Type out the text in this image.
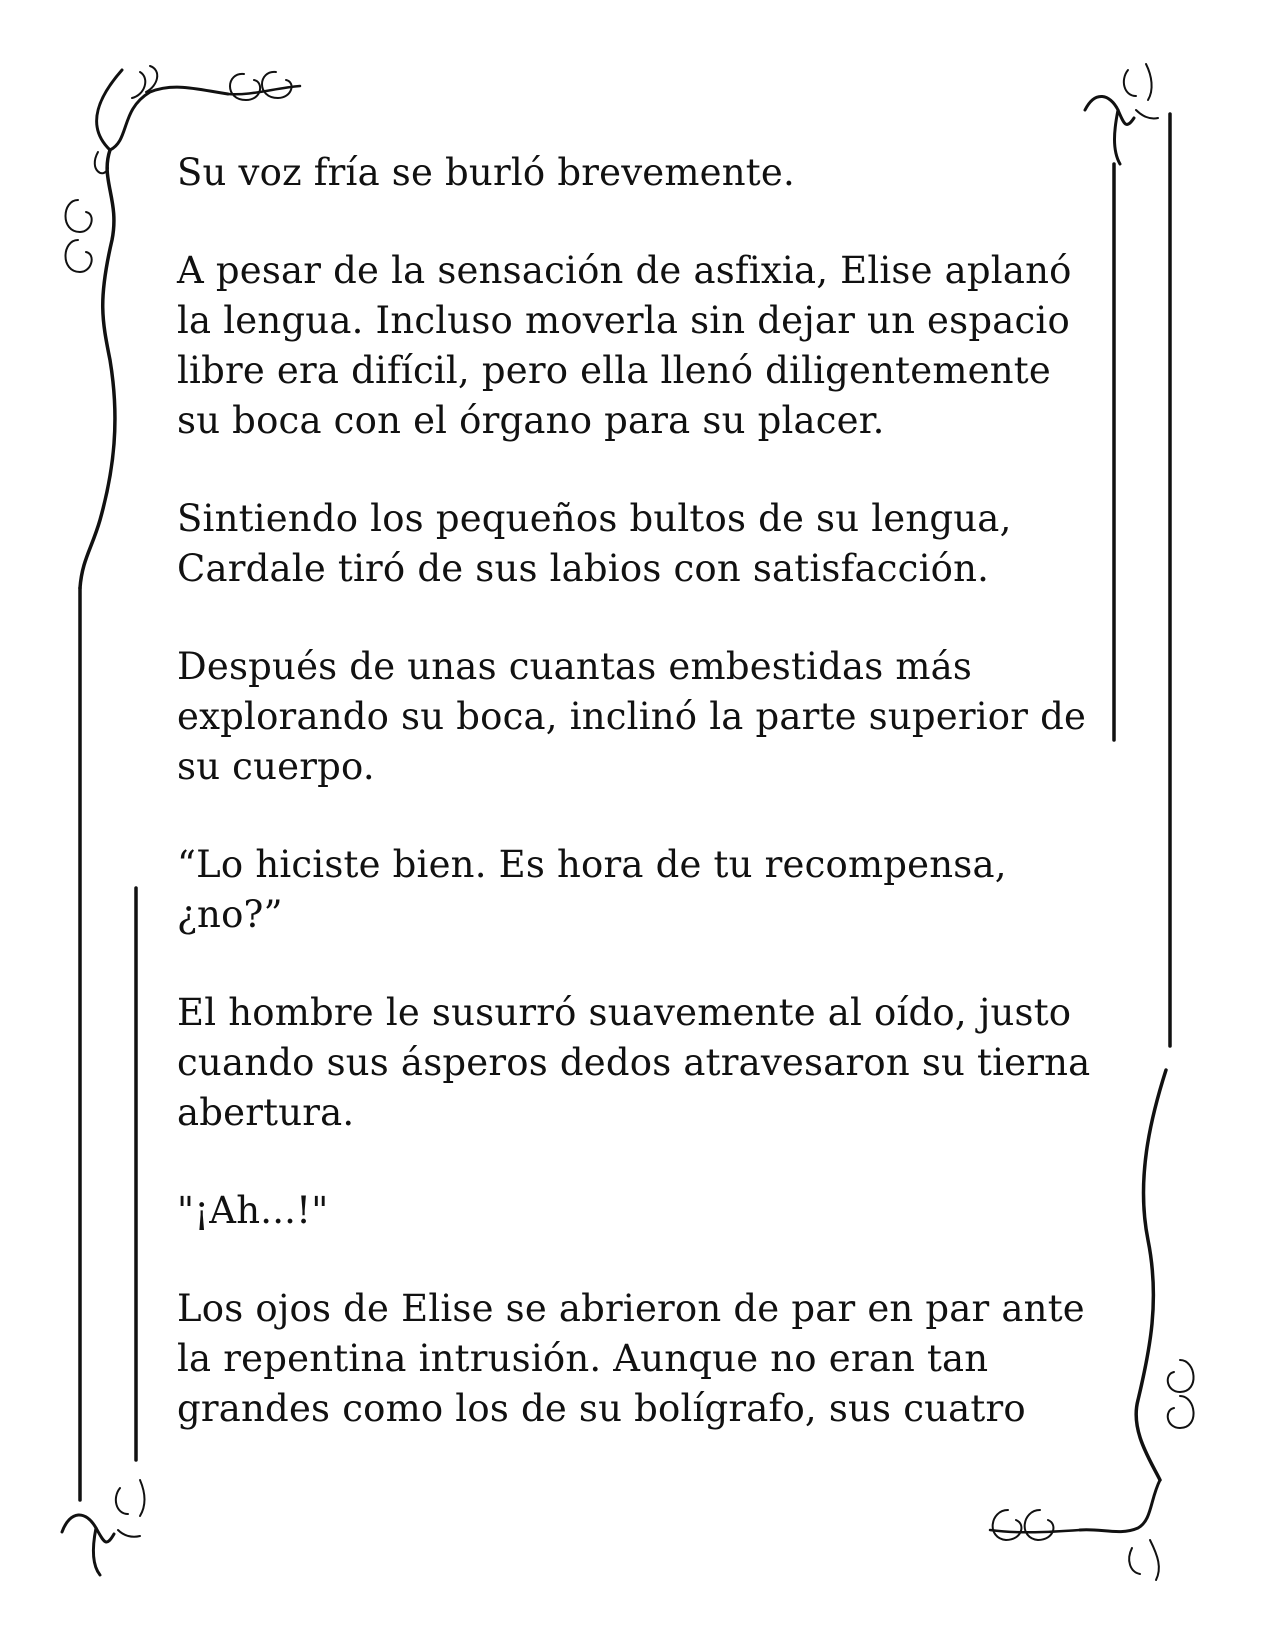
Su voz fría se burló brevemente.

A pesar de la sensación de asfixia, Elise aplanó
la lengua. Incluso moverla sin dejar un espacio
libre era difícil, pero ella llenó diligentemente
su boca con el órgano para su placer.

Sintiendo los pequeños bultos de su lengua,
Cardale tiró de sus labios con satisfacción.

Después de unas cuantas embestidas más
explorando su boca, inclinó la parte superior de
su cuerpo.

“Lo hiciste bien. Es hora de tu recompensa,
¿no?”

El hombre le susurró suavemente al oído, justo
cuando sus ásperos dedos atravesaron su tierna
abertura.

"¡Ah...!"

Los ojos de Elise se abrieron de par en par ante
la repentina intrusión. Aunque no eran tan
grandes como los de su bolígrafo, sus cuatro
